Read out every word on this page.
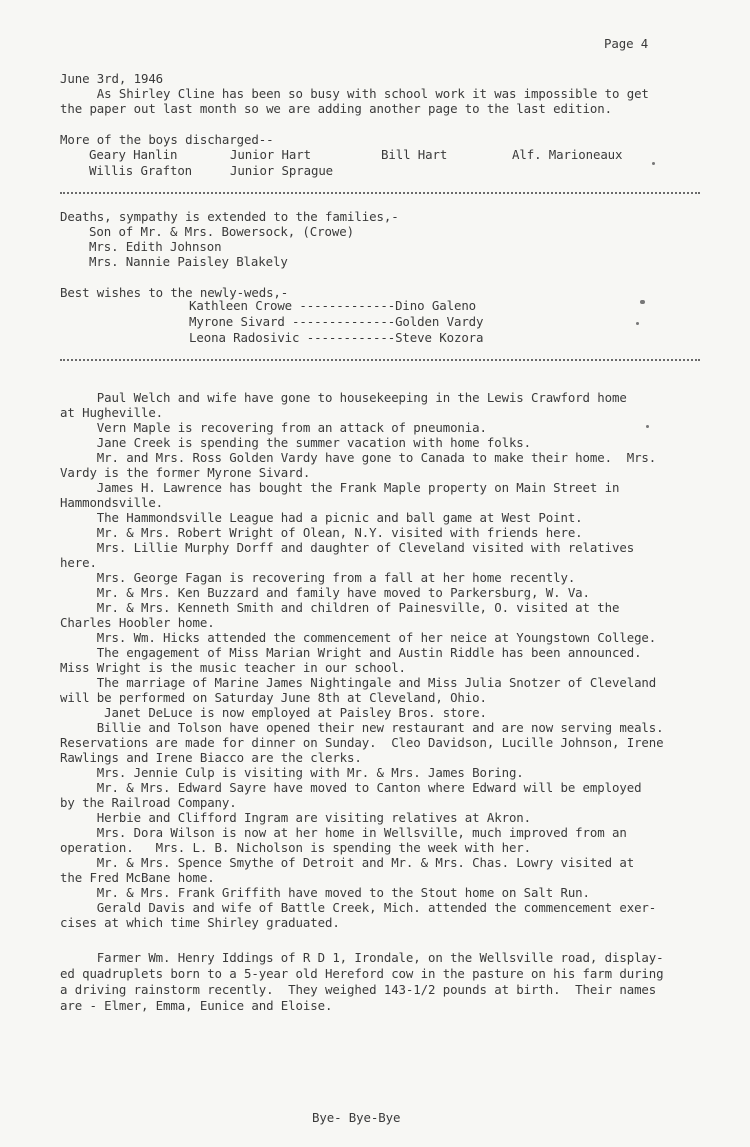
Page 4
June 3rd, 1946
As Shirley Cline has been so busy with school work it was impossible to get
the paper out last month so we are adding another page to the last edition.
More of the boys discharged--
Geary Hanlin	Junior Hart	Bill Hart	Alf. Marioneaux
Willis Grafton	Junior Sprague
Deaths, sympathy is extended to the families,-
Son of Mr. & Mrs. Bowersock, (Crowe)
Mrs. Edith Johnson
Mrs. Nannie Paisley Blakely
Best wishes to the newly-weds,-
Kathleen Crowe -------------Dino Galeno
Myrone Sivard --------------Golden Vardy
Leona Radosivic ------------Steve Kozora
Paul Welch and wife have gone to housekeeping in the Lewis Crawford home
at Hugheville.
Vern Maple is recovering from an attack of pneumonia.
Jane Creek is spending the summer vacation with home folks.
Mr. and Mrs. Ross Golden Vardy have gone to Canada to make their home.  Mrs.
Vardy is the former Myrone Sivard.
James H. Lawrence has bought the Frank Maple property on Main Street in
Hammondsville.
The Hammondsville League had a picnic and ball game at West Point.
Mr. & Mrs. Robert Wright of Olean, N.Y. visited with friends here.
Mrs. Lillie Murphy Dorff and daughter of Cleveland visited with relatives
here.
Mrs. George Fagan is recovering from a fall at her home recently.
Mr. & Mrs. Ken Buzzard and family have moved to Parkersburg, W. Va.
Mr. & Mrs. Kenneth Smith and children of Painesville, O. visited at the
Charles Hoobler home.
Mrs. Wm. Hicks attended the commencement of her neice at Youngstown College.
The engagement of Miss Marian Wright and Austin Riddle has been announced.
Miss Wright is the music teacher in our school.
The marriage of Marine James Nightingale and Miss Julia Snotzer of Cleveland
will be performed on Saturday June 8th at Cleveland, Ohio.
Janet DeLuce is now employed at Paisley Bros. store.
Billie and Tolson have opened their new restaurant and are now serving meals.
Reservations are made for dinner on Sunday.  Cleo Davidson, Lucille Johnson, Irene
Rawlings and Irene Biacco are the clerks.
Mrs. Jennie Culp is visiting with Mr. & Mrs. James Boring.
Mr. & Mrs. Edward Sayre have moved to Canton where Edward will be employed
by the Railroad Company.
Herbie and Clifford Ingram are visiting relatives at Akron.
Mrs. Dora Wilson is now at her home in Wellsville, much improved from an
operation.   Mrs. L. B. Nicholson is spending the week with her.
Mr. & Mrs. Spence Smythe of Detroit and Mr. & Mrs. Chas. Lowry visited at
the Fred McBane home.
Mr. & Mrs. Frank Griffith have moved to the Stout home on Salt Run.
Gerald Davis and wife of Battle Creek, Mich. attended the commencement exer-
cises at which time Shirley graduated.
Farmer Wm. Henry Iddings of R D 1, Irondale, on the Wellsville road, display-
ed quadruplets born to a 5-year old Hereford cow in the pasture on his farm during
a driving rainstorm recently.  They weighed 143-1/2 pounds at birth.  Their names
are - Elmer, Emma, Eunice and Eloise.
Bye- Bye-Bye
